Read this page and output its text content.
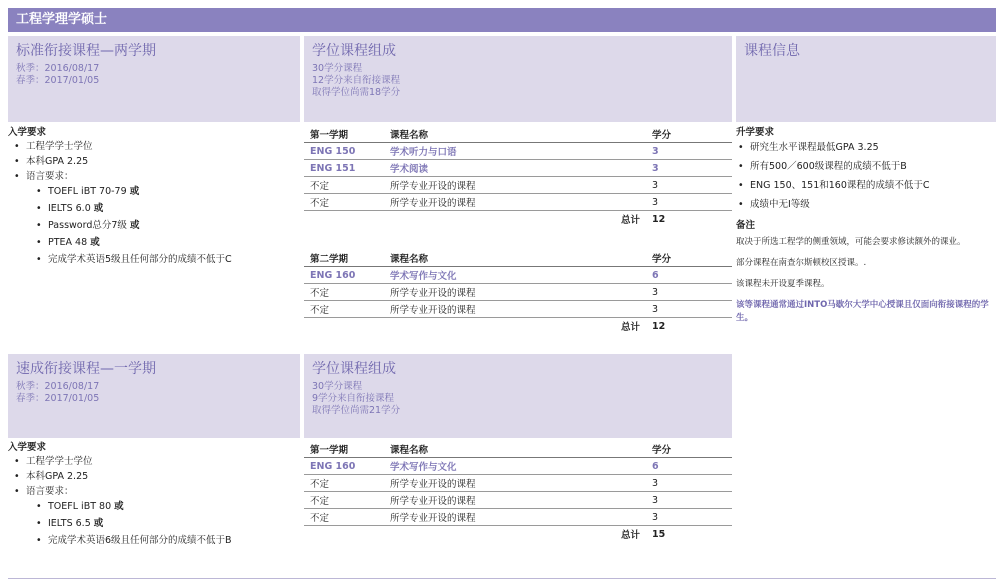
工程学理学硕士
标准衔接课程—两学期
秋季：2016/08/17
春季：2017/01/05
学位课程组成
30学分课程
12学分来自衔接课程
取得学位尚需18学分
课程信息
入学要求
• 工程学学士学位
• 本科GPA 2.25
• 语言要求：
• TOEFL iBT 70-79 或
• IELTS 6.0 或
• Password总分7级 或
• PTEA 48 或
• 完成学术英语5级且任何部分的成绩不低于C
第一学期	课程名称	学分
ENG 150	学术听力与口语	3
ENG 151	学术阅读	3
不定	所学专业开设的课程	3
不定	所学专业开设的课程	3
	总计	12
第二学期	课程名称	学分
ENG 160	学术写作与文化	6
不定	所学专业开设的课程	3
不定	所学专业开设的课程	3
	总计	12
升学要求
• 研究生水平课程最低GPA 3.25
• 所有500／600级课程的成绩不低于B
• ENG 150、151和160课程的成绩不低于C
• 成绩中无I等级
备注

取决于所选工程学的侧重领域，可能会要求修读额外的课业。

部分课程在南查尔斯顿校区授课。.

该课程未开设夏季课程。

该等课程通常通过INTO马歇尔大学中心授课且仅面向衔接课程的学生。

速成衔接课程—一学期
秋季：2016/08/17
春季：2017/01/05
学位课程组成
30学分课程
9学分来自衔接课程
取得学位尚需21学分
入学要求
• 工程学学士学位
• 本科GPA 2.25
• 语言要求：
• TOEFL iBT 80 或
• IELTS 6.5 或
• 完成学术英语6级且任何部分的成绩不低于B
第一学期	课程名称	学分
ENG 160	学术写作与文化	6
不定	所学专业开设的课程	3
不定	所学专业开设的课程	3
不定	所学专业开设的课程	3
	总计	15
